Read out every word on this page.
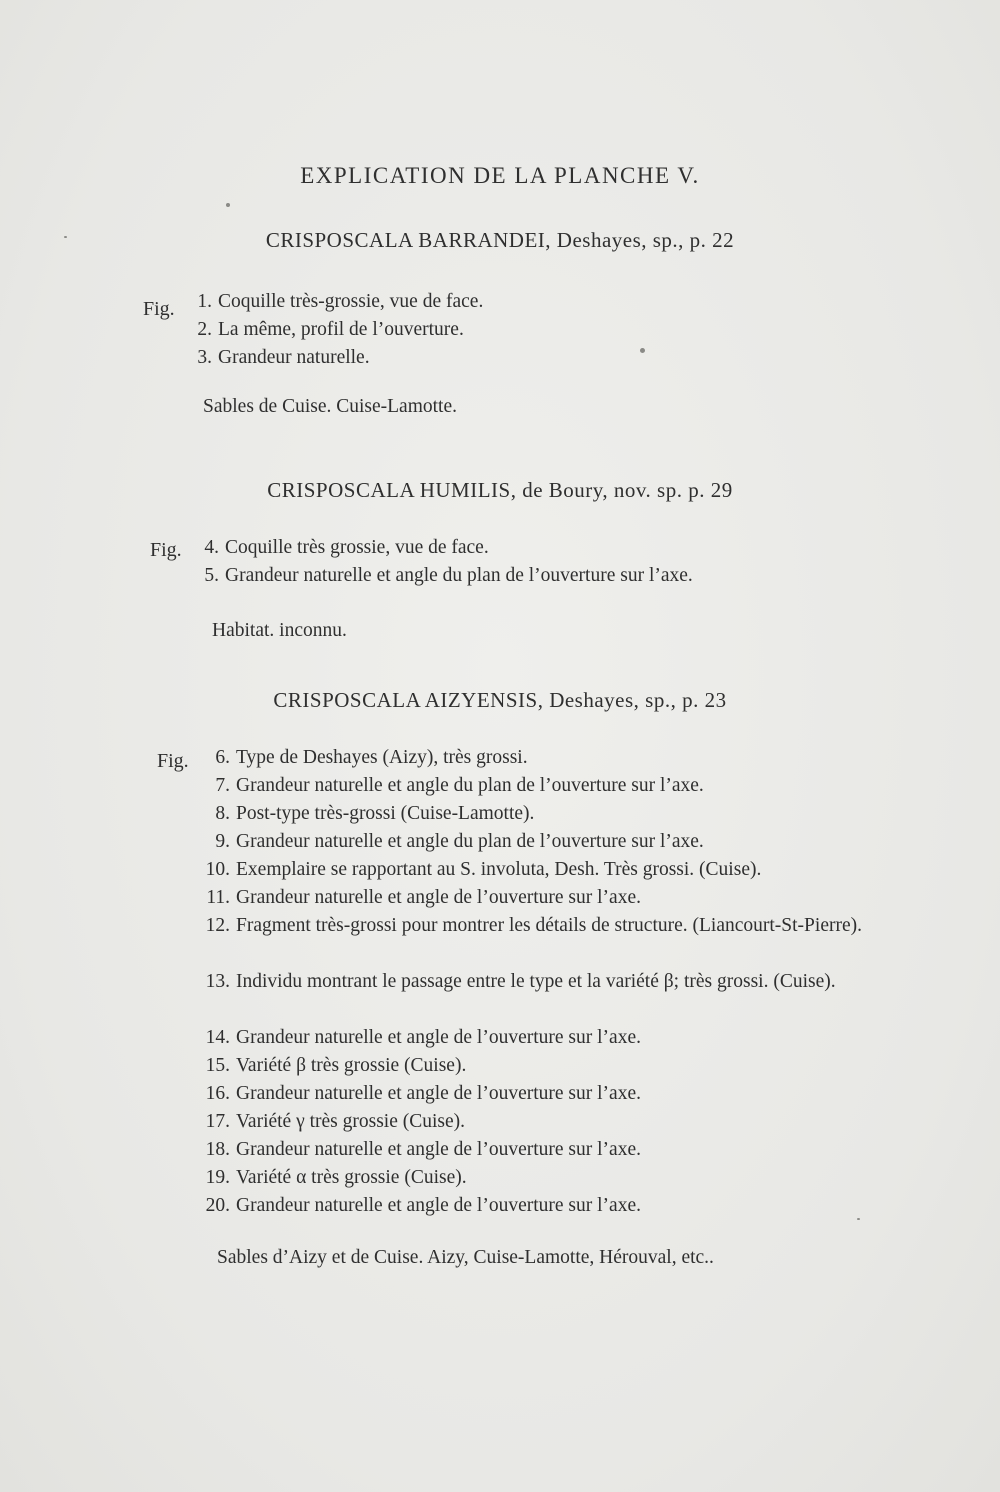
EXPLICATION DE LA PLANCHE V.
CRISPOSCALA BARRANDEI, Deshayes, sp., p. 22
Fig.	1. Coquille très-grossie, vue de face.
2. La même, profil de l’ouverture.
3. Grandeur naturelle.
Sables de Cuise. Cuise-Lamotte.
CRISPOSCALA HUMILIS, de Boury, nov. sp. p. 29
Fig.	4. Coquille très grossie, vue de face.
5. Grandeur naturelle et angle du plan de l’ouverture sur l’axe.
Habitat. inconnu.
CRISPOSCALA AIZYENSIS, Deshayes, sp., p. 23
Fig.	6. Type de Deshayes (Aizy), très grossi.
7. Grandeur naturelle et angle du plan de l’ouverture sur l’axe.
8. Post-type très-grossi (Cuise-Lamotte).
9. Grandeur naturelle et angle du plan de l’ouverture sur l’axe.
10. Exemplaire se rapportant au S. involuta, Desh. Très grossi. (Cuise).
11. Grandeur naturelle et angle de l’ouverture sur l’axe.
12. Fragment très-grossi pour montrer les détails de structure. (Liancourt-St-Pierre).
13. Individu montrant le passage entre le type et la variété β; très grossi. (Cuise).
14. Grandeur naturelle et angle de l’ouverture sur l’axe.
15. Variété β très grossie (Cuise).
16. Grandeur naturelle et angle de l’ouverture sur l’axe.
17. Variété γ très grossie (Cuise).
18. Grandeur naturelle et angle de l’ouverture sur l’axe.
19. Variété α très grossie (Cuise).
20. Grandeur naturelle et angle de l’ouverture sur l’axe.
Sables d’Aizy et de Cuise. Aizy, Cuise-Lamotte, Hérouval, etc..
